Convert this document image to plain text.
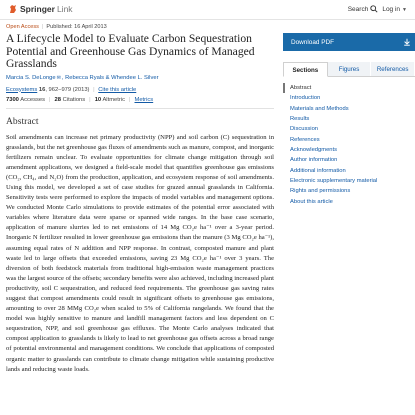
Springer Link	Search Log in ▼
Open Access | Published: 16 April 2013
A Lifecycle Model to Evaluate Carbon Sequestration Potential and Greenhouse Gas Dynamics of Managed Grasslands
Marcia S. DeLonge✉, Rebecca Ryals & Whendee L. Silver
Ecosystems 16, 962–979 (2013) | Cite this article
7300 Accesses | 28 Citations | 10 Altmetric | Metrics
Abstract

Soil amendments can increase net primary productivity (NPP) and soil carbon (C) sequestration in grasslands, but the net greenhouse gas fluxes of amendments such as manure, compost, and inorganic fertilizers remain unclear. To evaluate opportunities for climate change mitigation through soil amendment applications, we designed a field-scale model that quantifies greenhouse gas emissions (CO₂, CH₄, and N₂O) from the production, application, and ecosystem response of soil amendments. Using this model, we developed a set of case studies for grazed annual grasslands in California. Sensitivity tests were performed to explore the impacts of model variables and management options. We conducted Monte Carlo simulations to provide estimates of the potential error associated with variables where literature data were sparse or spanned wide ranges. In the base case scenario, application of manure slurries led to net emissions of 14 Mg CO₂e ha⁻¹ over a 3-year period. Inorganic N fertilizer resulted in lower greenhouse gas emissions than the manure (3 Mg CO₂e ha⁻¹), assuming equal rates of N addition and NPP response. In contrast, composted manure and plant waste led to large offsets that exceeded emissions, saving 23 Mg CO₂e ha⁻¹ over 3 years. The diversion of both feedstock materials from traditional high-emission waste management practices was the largest source of the offsets; secondary benefits were also achieved, including increased plant productivity, soil C sequestration, and reduced feed requirements. The greenhouse gas saving rates suggest that compost amendments could result in significant offsets to greenhouse gas emissions, amounting to over 28 MMg CO₂e when scaled to 5% of California rangelands. We found that the model was highly sensitive to manure and landfill management factors and less dependent on C sequestration, NPP, and soil greenhouse gas effluxes. The Monte Carlo analyses indicated that compost application to grasslands is likely to lead to net greenhouse gas offsets across a broad range of potential environmental and management conditions. We conclude that applications of composted organic matter to grasslands can contribute to climate change mitigation while sustaining productive lands and reducing waste loads.

Download PDF
Sections	Figures	References
Abstract
Introduction
Materials and Methods
Results
Discussion
References
Acknowledgments
Author information
Additional information
Electronic supplementary material
Rights and permissions
About this article
